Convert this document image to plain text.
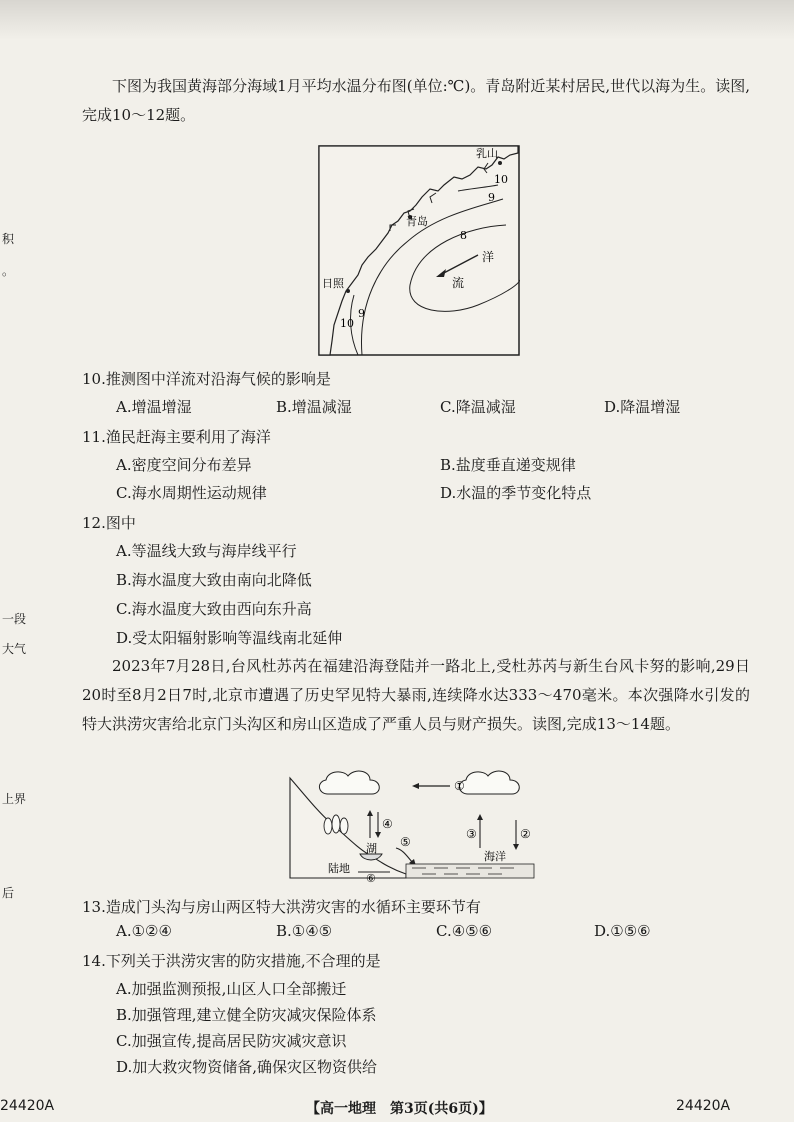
积
。
一段
大气
上界
后
下图为我国黄海部分海域1月平均水温分布图(单位:℃)。青岛附近某村居民,世代以海为生。读图,完成10～12题。
乳山
青岛
日照
10
9
8
9
10
洋
流
10.推测图中洋流对沿海气候的影响是
A.增温增湿	B.增温减湿	C.降温减湿	D.降温增湿
11.渔民赶海主要利用了海洋
A.密度空间分布差异	B.盐度垂直递变规律
C.海水周期性运动规律	D.水温的季节变化特点
12.图中
A.等温线大致与海岸线平行
B.海水温度大致由南向北降低
C.海水温度大致由西向东升高
D.受太阳辐射影响等温线南北延伸
2023年7月28日,台风杜苏芮在福建沿海登陆并一路北上,受杜苏芮与新生台风卡努的影响,29日20时至8月2日7时,北京市遭遇了历史罕见特大暴雨,连续降水达333～470毫米。本次强降水引发的特大洪涝灾害给北京门头沟区和房山区造成了严重人员与财产损失。读图,完成13～14题。
①
④
③	②
⑤
⑥
湖
陆地
海洋
13.造成门头沟与房山两区特大洪涝灾害的水循环主要环节有
A.①②④	B.①④⑤	C.④⑤⑥	D.①⑤⑥
14.下列关于洪涝灾害的防灾措施,不合理的是
A.加强监测预报,山区人口全部搬迁
B.加强管理,建立健全防灾减灾保险体系
C.加强宣传,提高居民防灾减灾意识
D.加大救灾物资储备,确保灾区物资供给
24420A	【高一地理　第3页(共6页)】	24420A
